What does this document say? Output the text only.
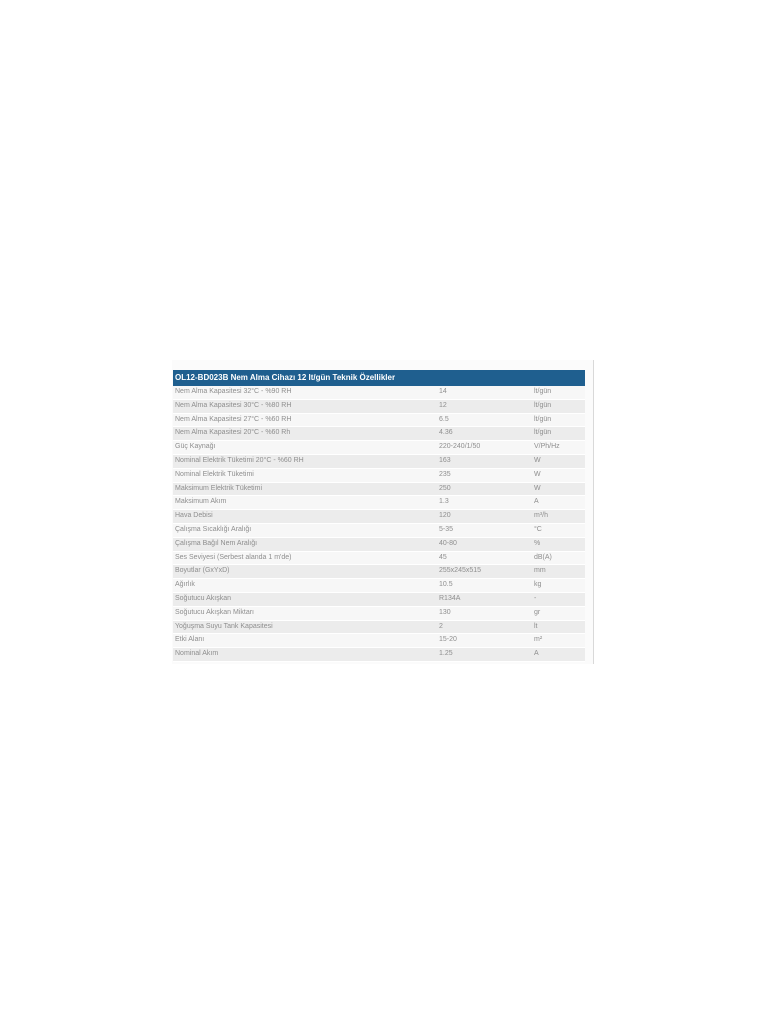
OL12-BD023B Nem Alma Cihazı 12 lt/gün Teknik Özellikler		
Nem Alma Kapasitesi 32°C - %90 RH	14	lt/gün
Nem Alma Kapasitesi 30°C - %80 RH	12	lt/gün
Nem Alma Kapasitesi 27°C - %60 RH	6.5	lt/gün
Nem Alma Kapasitesi 20°C - %60 Rh	4.36	lt/gün
Güç Kaynağı	220-240/1/50	V/Ph/Hz
Nominal Elektrik Tüketimi 20°C - %60 RH	163	W
Nominal Elektrik Tüketimi	235	W
Maksimum Elektrik Tüketimi	250	W
Maksimum Akım	1.3	A
Hava Debisi	120	m³/h
Çalışma Sıcaklığı Aralığı	5-35	°C
Çalışma Bağıl Nem Aralığı	40-80	%
Ses Seviyesi (Serbest alanda 1 m'de)	45	dB(A)
Boyutlar (GxYxD)	255x245x515	mm
Ağırlık	10.5	kg
Soğutucu Akışkan	R134A	-
Soğutucu Akışkan Miktarı	130	gr
Yoğuşma Suyu Tank Kapasitesi	2	lt
Etki Alanı	15-20	m²
Nominal Akım	1.25	A
